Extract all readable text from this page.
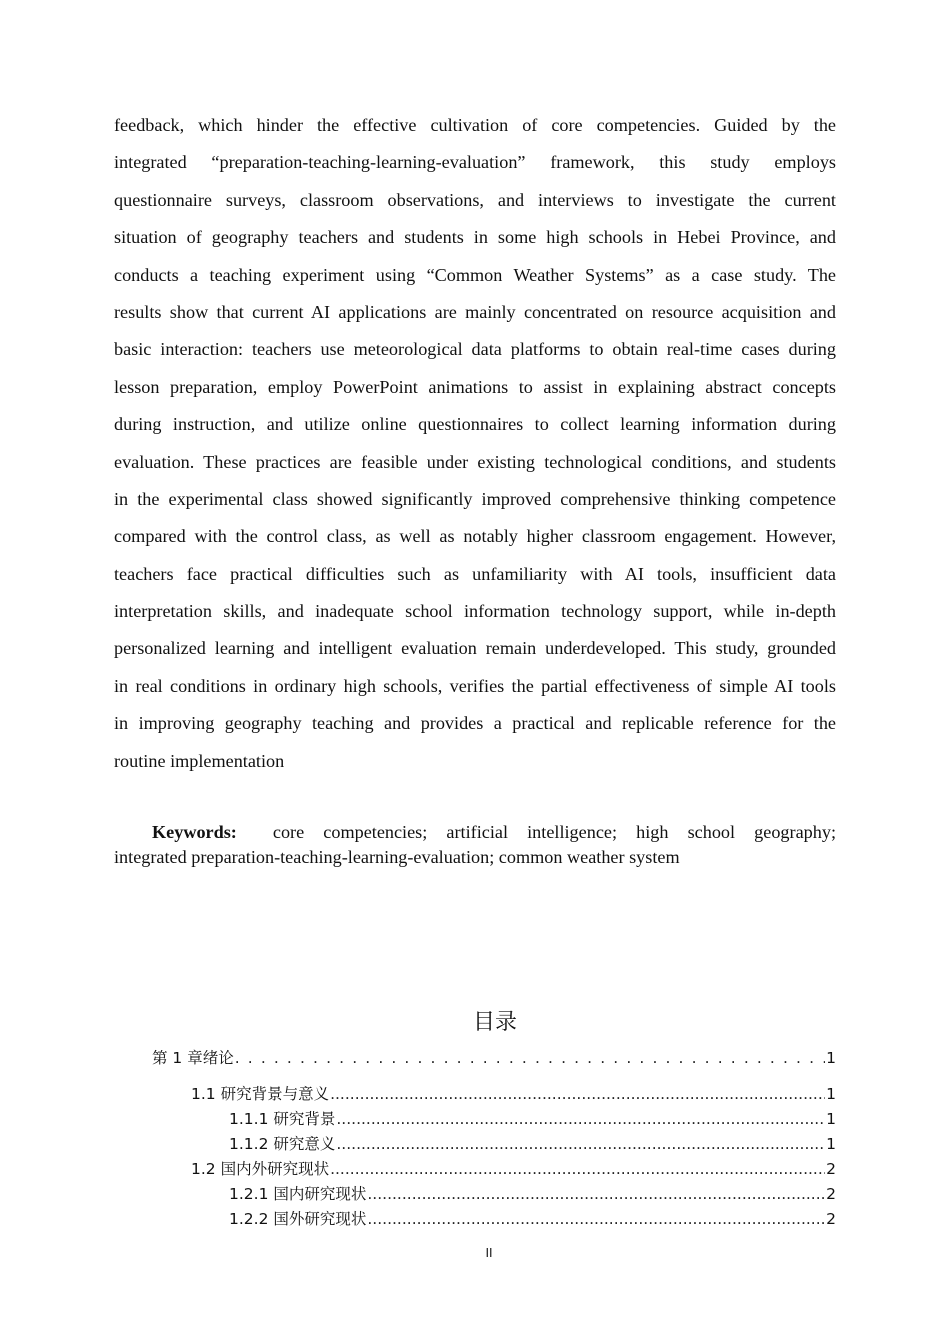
feedback, which hinder the effective cultivation of core competencies. Guided by the
integrated “preparation-teaching-learning-evaluation” framework, this study employs
questionnaire surveys, classroom observations, and interviews to investigate the current
situation of geography teachers and students in some high schools in Hebei Province, and
conducts a teaching experiment using “Common Weather Systems” as a case study. The
results show that current AI applications are mainly concentrated on resource acquisition and
basic interaction: teachers use meteorological data platforms to obtain real-time cases during
lesson preparation, employ PowerPoint animations to assist in explaining abstract concepts
during instruction, and utilize online questionnaires to collect learning information during
evaluation. These practices are feasible under existing technological conditions, and students
in the experimental class showed significantly improved comprehensive thinking competence
compared with the control class, as well as notably higher classroom engagement. However,
teachers face practical difficulties such as unfamiliarity with AI tools, insufficient data
interpretation skills, and inadequate school information technology support, while in-depth
personalized learning and intelligent evaluation remain underdeveloped. This study, grounded
in real conditions in ordinary high schools, verifies the partial effectiveness of simple AI tools
in improving geography teaching and provides a practical and replicable reference for the
routine implementation
Keywords: core competencies; artificial intelligence; high school geography;
integrated preparation-teaching-learning-evaluation; common weather system
目录
第 1 章绪论 . . .	1
1.1 研究背景与意义 .....	1
1.1.1 研究背景 .....	1
1.1.2 研究意义 .....	1
1.2 国内外研究现状 .....	2
1.2.1 国内研究现状 .....	2
1.2.2 国外研究现状 .....	2
II
